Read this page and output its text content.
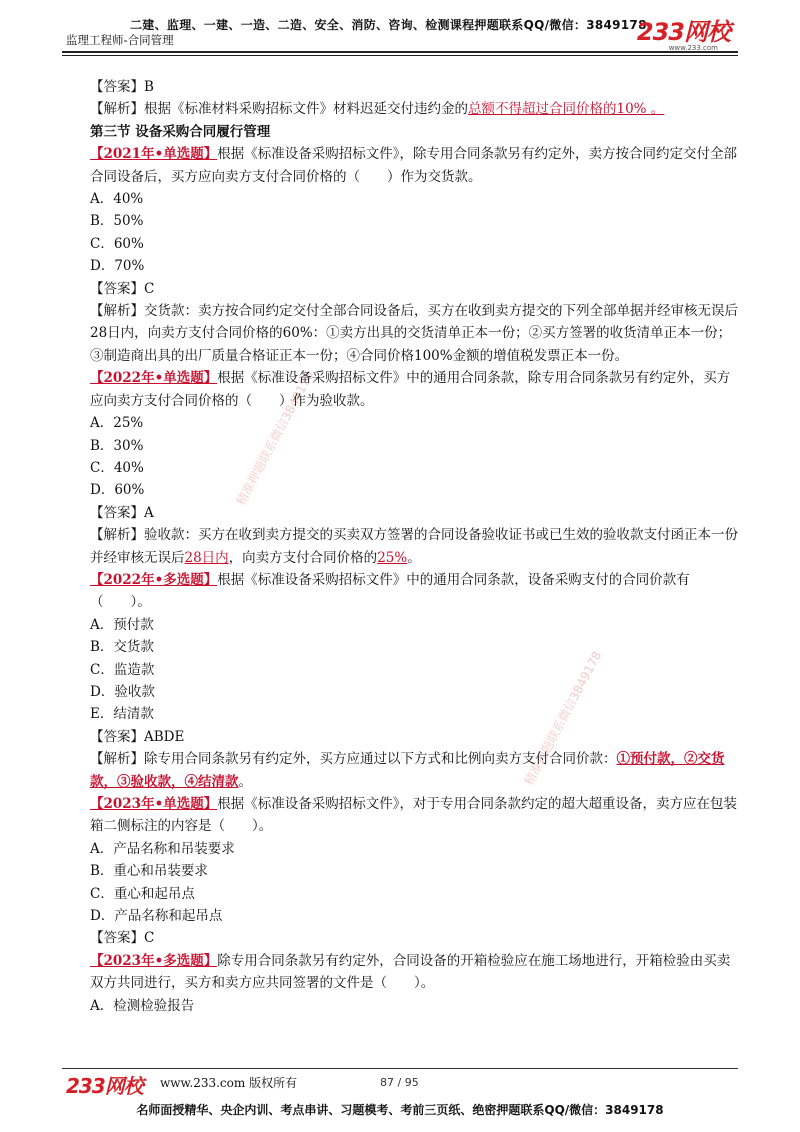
二建、监理、一建、一造、二造、安全、消防、咨询、检测课程押题联系QQ/微信：3849178
监理工程师-合同管理	233网校
www.233.com
精准押题联系微信3849178
精准押题联系微信3849178

【答案】B

【解析】根据《标准材料采购招标文件》材料迟延交付违约金的总额不得超过合同价格的10% 。

第三节 设备采购合同履行管理

【2021年•单选题】根据《标准设备采购招标文件》，除专用合同条款另有约定外，卖方按合同约定交付全部合同设备后，买方应向卖方支付合同价格的（　　）作为交货款。

A．40%

B．50%

C．60%

D．70%

【答案】C

【解析】交货款：卖方按合同约定交付全部合同设备后，买方在收到卖方提交的下列全部单据并经审核无误后28日内，向卖方支付合同价格的60%：①卖方出具的交货清单正本一份；②买方签署的收货清单正本一份；③制造商出具的出厂质量合格证正本一份；④合同价格100%金额的增值税发票正本一份。

【2022年•单选题】根据《标准设备采购招标文件》中的通用合同条款，除专用合同条款另有约定外，买方应向卖方支付合同价格的（　　）作为验收款。

A．25%

B．30%

C．40%

D．60%

【答案】A

【解析】验收款：买方在收到卖方提交的买卖双方签署的合同设备验收证书或已生效的验收款支付函正本一份并经审核无误后28日内，向卖方支付合同价格的25%。

【2022年•多选题】根据《标准设备采购招标文件》中的通用合同条款，设备采购支付的合同价款有（　　）。

A．预付款

B．交货款

C．监造款

D．验收款

E．结清款

【答案】ABDE

【解析】除专用合同条款另有约定外，买方应通过以下方式和比例向卖方支付合同价款：①预付款，②交货款，③验收款，④结清款。

【2023年•单选题】根据《标准设备采购招标文件》，对于专用合同条款约定的超大超重设备，卖方应在包装箱二侧标注的内容是（　　）。

A．产品名称和吊装要求

B．重心和吊装要求

C．重心和起吊点

D．产品名称和起吊点

【答案】C

【2023年•多选题】除专用合同条款另有约定外，合同设备的开箱检验应在施工场地进行，开箱检验由买卖双方共同进行，买方和卖方应共同签署的文件是（　　）。

A．检测检验报告

233网校 www.233.com 版权所有	87 / 95
名师面授精华、央企内训、考点串讲、习题模考、考前三页纸、绝密押题联系QQ/微信：3849178
